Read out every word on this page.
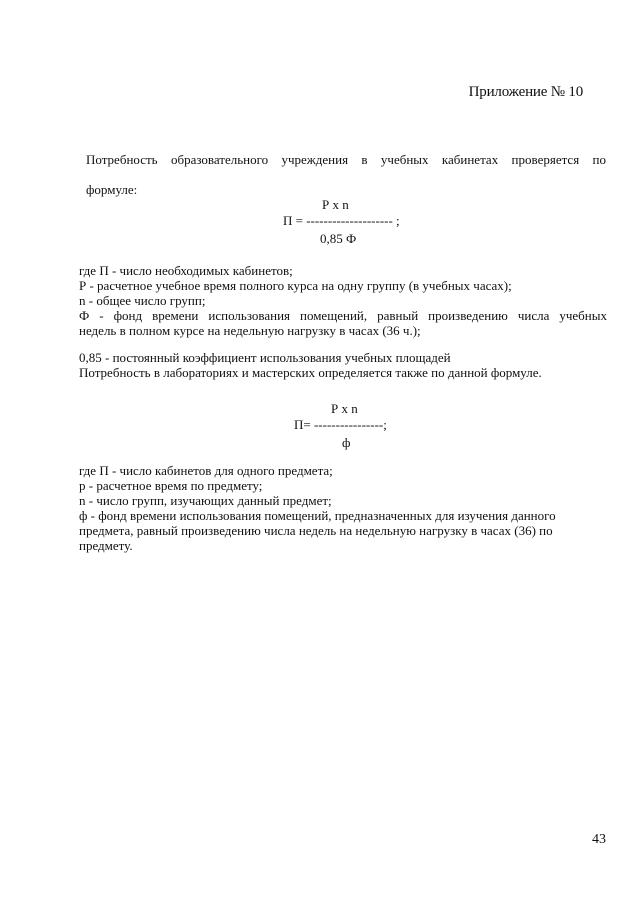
Приложение № 10
Потребность образовательного учреждения в учебных кабинетах проверяется по
формуле:
Р х n
П = -------------------- ;
0,85 Ф
где П - число необходимых кабинетов;
Р - расчетное учебное время полного курса на одну группу (в учебных часах);
n - общее число групп;
Ф - фонд времени использования помещений, равный произведению числа учебных
недель в полном курсе на недельную нагрузку в часах (36 ч.);
0,85 - постоянный коэффициент использования учебных площадей
Потребность в лабораториях и мастерских определяется также по данной формуле.
Р х n
П= ----------------;
ф
где П - число кабинетов для одного предмета;
р - расчетное время по предмету;
n - число групп, изучающих данный предмет;
ф - фонд времени использования помещений, предназначенных для изучения данного
предмета, равный произведению числа недель на недельную нагрузку в часах (36) по
предмету.
43
